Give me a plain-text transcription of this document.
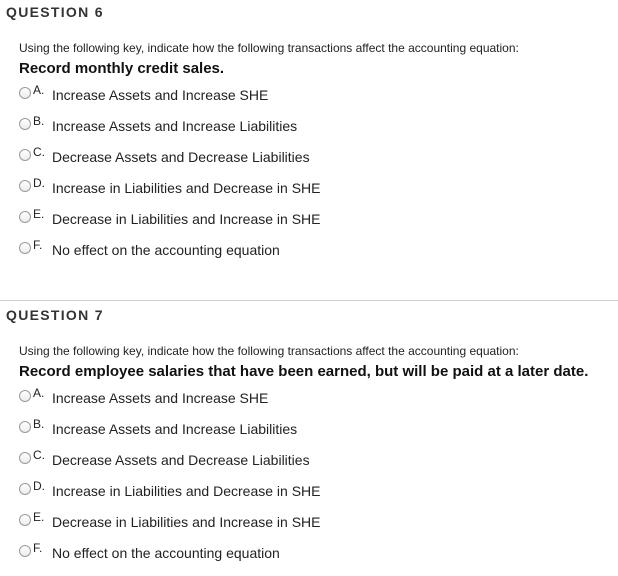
QUESTION 6
Using the following key, indicate how the following transactions affect the accounting equation:
Record monthly credit sales.
A. Increase Assets and Increase SHE
B. Increase Assets and Increase Liabilities
C. Decrease Assets and Decrease Liabilities
D. Increase in Liabilities and Decrease in SHE
E. Decrease in Liabilities and Increase in SHE
F. No effect on the accounting equation
QUESTION 7
Using the following key, indicate how the following transactions affect the accounting equation:
Record employee salaries that have been earned, but will be paid at a later date.
A. Increase Assets and Increase SHE
B. Increase Assets and Increase Liabilities
C. Decrease Assets and Decrease Liabilities
D. Increase in Liabilities and Decrease in SHE
E. Decrease in Liabilities and Increase in SHE
F. No effect on the accounting equation
